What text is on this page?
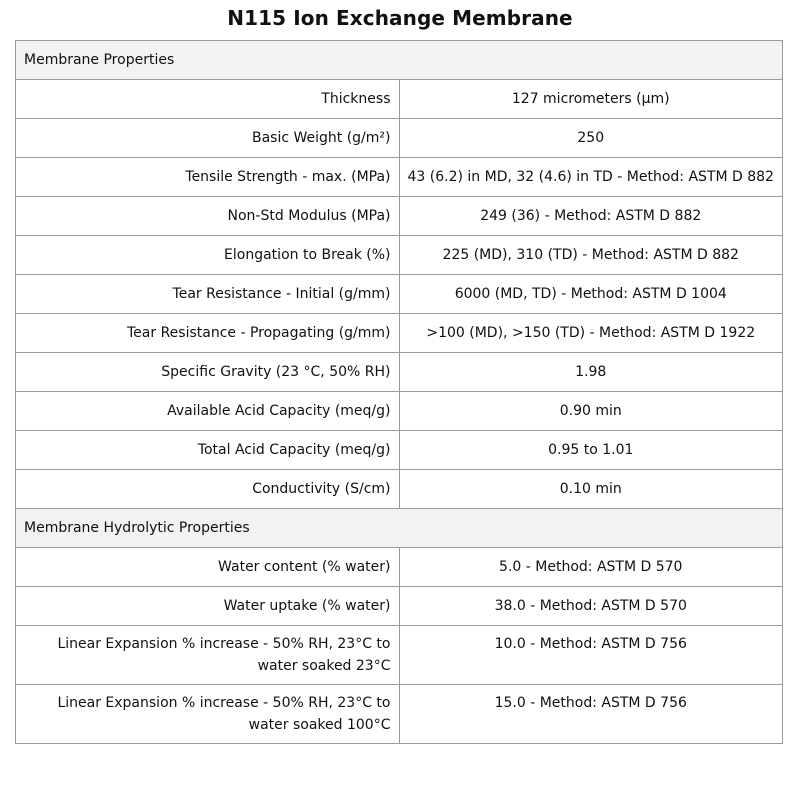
N115 Ion Exchange Membrane
Membrane Properties	
Thickness	127 micrometers (µm)
Basic Weight (g/m²)	250
Tensile Strength - max. (MPa)	43 (6.2) in MD, 32 (4.6) in TD - Method: ASTM D 882
Non-Std Modulus (MPa)	249 (36) - Method: ASTM D 882
Elongation to Break (%)	225 (MD), 310 (TD) - Method: ASTM D 882
Tear Resistance - Initial (g/mm)	6000 (MD, TD) - Method: ASTM D 1004
Tear Resistance - Propagating (g/mm)	>100 (MD), >150 (TD) - Method: ASTM D 1922
Specific Gravity (23 °C, 50% RH)	1.98
Available Acid Capacity (meq/g)	0.90 min
Total Acid Capacity (meq/g)	0.95 to 1.01
Conductivity (S/cm)	0.10 min
Membrane Hydrolytic Properties	
Water content (% water)	5.0 - Method: ASTM D 570
Water uptake (% water)	38.0 - Method: ASTM D 570
Linear Expansion % increase - 50% RH, 23°C to water soaked 23°C	10.0 - Method: ASTM D 756
Linear Expansion % increase - 50% RH, 23°C to water soaked 100°C	15.0 - Method: ASTM D 756
